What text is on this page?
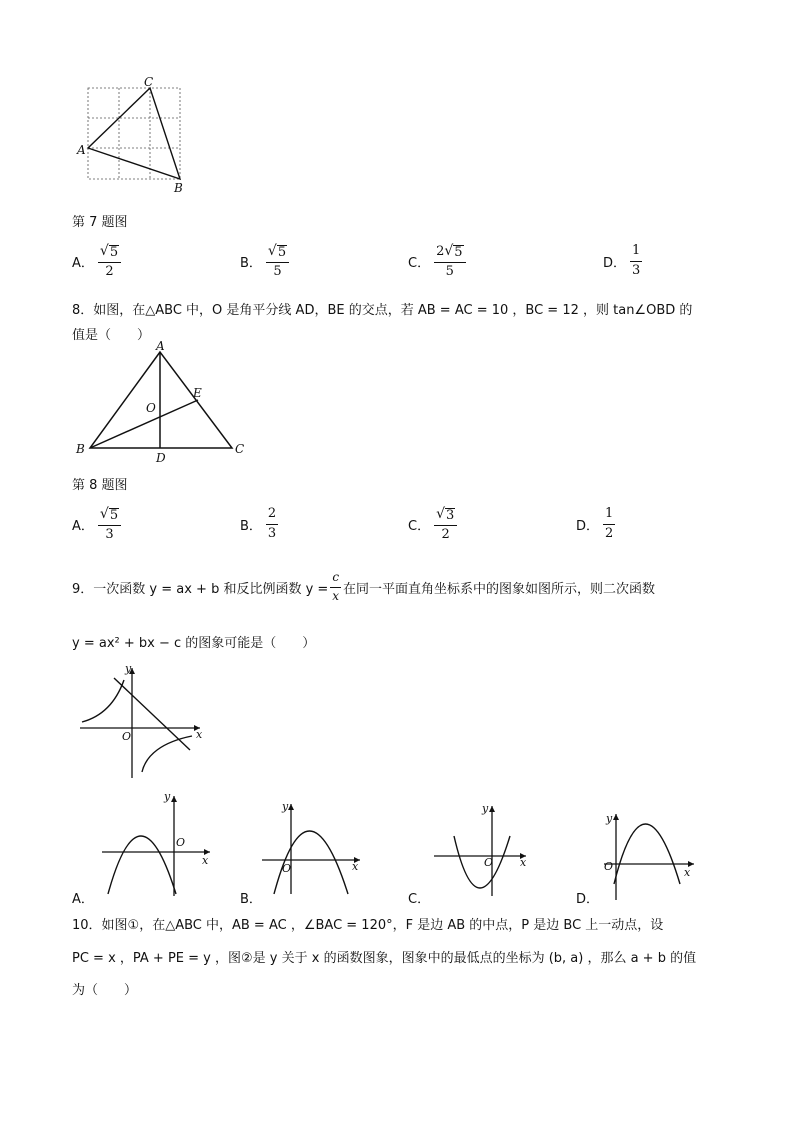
C
A
B
第 7 题图
A． $\frac{√ 5}{2}$	B． $\frac{√ 5}{5}$	C． $\frac{2 √ 5}{5}$	D． $\frac{1}{3}$
8．如图，在△ABC 中，O 是角平分线 AD，BE 的交点，若 AB = AC = 10 ，BC = 12 ，则 tan∠OBD 的
值是（　　）
A
E
O
B	C
D
第 8 题图
A． $\frac{√ 5}{3}$	B． $\frac{2}{3}$	C． $\frac{√ 3}{2}$	D． $\frac{1}{2}$
9．一次函数 y = ax + b 和反比例函数 $y = \frac{c}{x}$ 在同一平面直角坐标系中的图象如图所示，则二次函数
y = ax² + bx − c 的图象可能是（　　）
y
x
O
y
x
O
A．
y
x
O
B．
y
x
O
C．
y
x
O
D．
10．如图①，在△ABC 中，AB = AC ，∠BAC = 120°，F 是边 AB 的中点，P 是边 BC 上一动点，设
PC = x ，PA + PE = y ，图②是 y 关于 x 的函数图象，图象中的最低点的坐标为 (b, a) ，那么 a + b 的值
为（　　）
